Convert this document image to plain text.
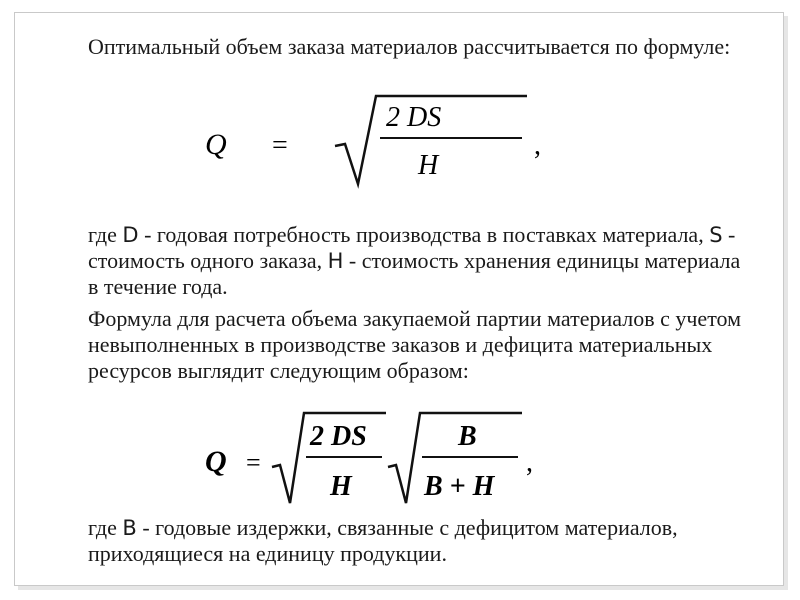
Оптимальный объем заказа материалов рассчитывается по формуле:

Q =
2 DS
H
,

где D - годовая потребность производства в поставках материала, S - стоимость одного заказа, H - стоимость хранения единицы материала в течение года.

Формула для расчета объема закупаемой партии материалов с учетом невыполненных в производстве заказов и дефицита материальных ресурсов выглядит следующим образом:

Q =
2 DS
H
B
B + H
,

где B - годовые издержки, связанные с дефицитом материалов, приходящиеся на единицу продукции.
